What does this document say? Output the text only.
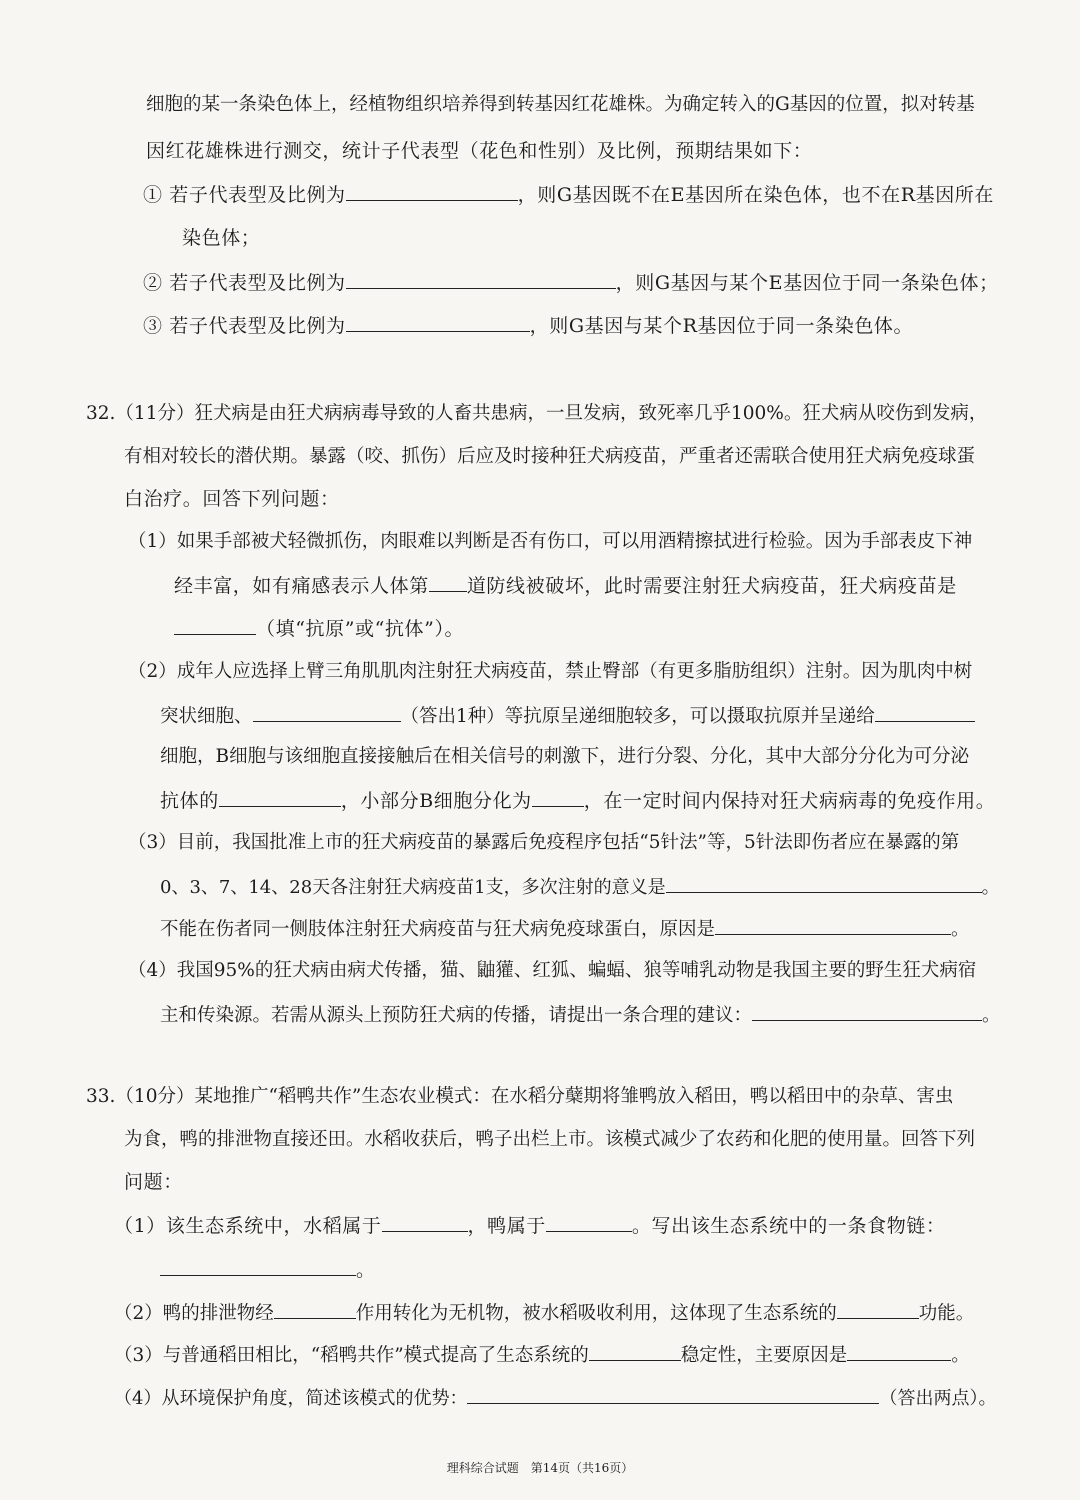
细胞的某一条染色体上，经植物组织培养得到转基因红花雄株。为确定转入的G基因的位置，拟对转基
因红花雄株进行测交，统计子代表型（花色和性别）及比例，预期结果如下：
① 若子代表型及比例为	，则G基因既不在E基因所在染色体，也不在R基因所在
染色体；
② 若子代表型及比例为	，则G基因与某个E基因位于同一条染色体；
③ 若子代表型及比例为	，则G基因与某个R基因位于同一条染色体。
32.（11分）狂犬病是由狂犬病病毒导致的人畜共患病，一旦发病，致死率几乎100%。狂犬病从咬伤到发病，
有相对较长的潜伏期。暴露（咬、抓伤）后应及时接种狂犬病疫苗，严重者还需联合使用狂犬病免疫球蛋
白治疗。回答下列问题：
（1）如果手部被犬轻微抓伤，肉眼难以判断是否有伤口，可以用酒精擦拭进行检验。因为手部表皮下神
经丰富，如有痛感表示人体第 道防线被破坏，此时需要注射狂犬病疫苗，狂犬病疫苗是
（填“抗原”或“抗体”）。
（2）成年人应选择上臂三角肌肌肉注射狂犬病疫苗，禁止臀部（有更多脂肪组织）注射。因为肌肉中树
突状细胞、	（答出1种）等抗原呈递细胞较多，可以摄取抗原并呈递给
细胞，B细胞与该细胞直接接触后在相关信号的刺激下，进行分裂、分化，其中大部分分化为可分泌
抗体的	，小部分B细胞分化为	，在一定时间内保持对狂犬病病毒的免疫作用。
（3）目前，我国批准上市的狂犬病疫苗的暴露后免疫程序包括“5针法”等，5针法即伤者应在暴露的第
0、3、7、14、28天各注射狂犬病疫苗1支，多次注射的意义是	。
不能在伤者同一侧肢体注射狂犬病疫苗与狂犬病免疫球蛋白，原因是	。
（4）我国95%的狂犬病由病犬传播，猫、鼬獾、红狐、蝙蝠、狼等哺乳动物是我国主要的野生狂犬病宿
主和传染源。若需从源头上预防狂犬病的传播，请提出一条合理的建议：	。
33.（10分）某地推广“稻鸭共作”生态农业模式：在水稻分蘖期将雏鸭放入稻田，鸭以稻田中的杂草、害虫
为食，鸭的排泄物直接还田。水稻收获后，鸭子出栏上市。该模式减少了农药和化肥的使用量。回答下列
问题：
（1）该生态系统中，水稻属于	，鸭属于	。写出该生态系统中的一条食物链：
。
（2）鸭的排泄物经	作用转化为无机物，被水稻吸收利用，这体现了生态系统的	功能。
（3）与普通稻田相比，“稻鸭共作”模式提高了生态系统的	稳定性，主要原因是	。
（4）从环境保护角度，简述该模式的优势：	（答出两点）。
理科综合试题　第14页（共16页）
